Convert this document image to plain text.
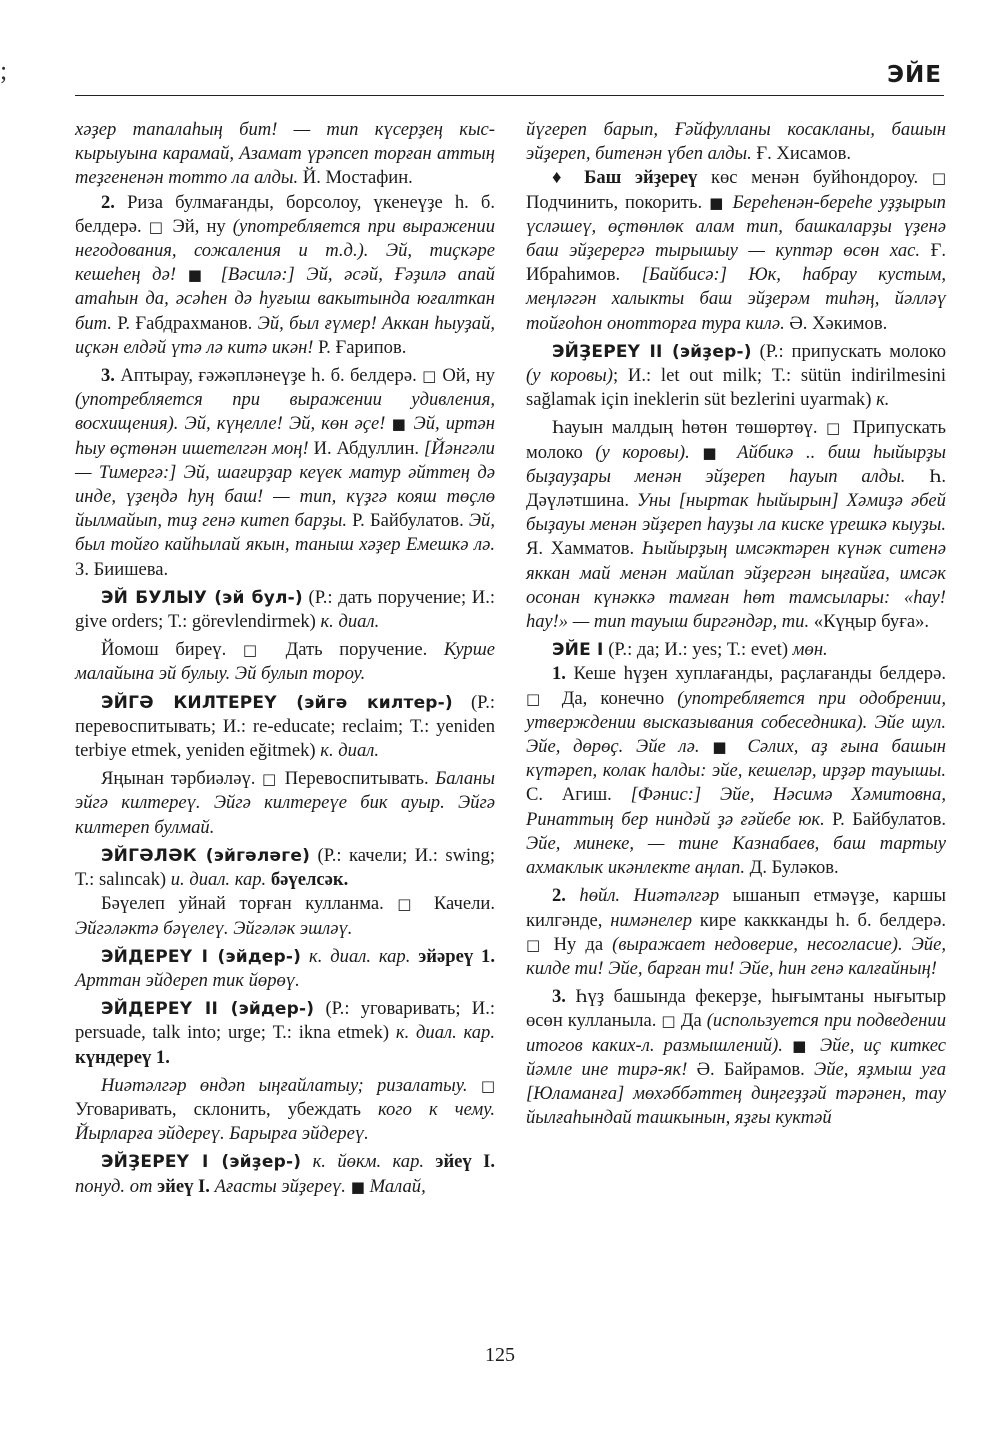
;	ЭЙЕ

хәҙер тапалаһың бит! — тип күсерҙең кыс-кырыуына карамай, Азамат үрәпсеп торған аттың теҙгененән тотто ла алды. Й. Мостафин.

2. Риза булмағанды, борсолоу, үкенеүҙе һ. б. белдерә. □ Эй, ну (употребляется при выражении негодования, сожаления и т.д.). Эй, тиҫкәре кешеһең дә! ■ [Вәсилә:] Эй, әсәй, Ғәҙилә апай атаһын да, әсәһен дә һуғыш вакытында юғалткан бит. Р. Ғабдрахманов. Эй, был ғүмер! Аккан һыуҙай, иҫкән елдәй үтә лә китә икән! Р. Ғарипов.

3. Аптырау, ғәжәпләнеүҙе һ. б. белдерә. □ Ой, ну (употребляется при выражении удивления, восхищения). Эй, күңелле! Эй, көн әҫе! ■ Эй, иртән һыу өҫтөнән ишетелгән моң! И. Абдуллин. [Йәнгәли — Тимергә:] Эй, шағирҙар кеүек матур әйттең дә инде, үҙеңдә һуң баш! — тип, күҙгә кояш төҫлө йылмайып, тиҙ генә китеп барҙы. Р. Байбулатов. Эй, был тойғо кайһылай якын, таныш хәҙер Емешкә лә. З. Биишева.

ЭЙ БУЛЫУ (эй бул-) (Р.: дать поручение; И.: give orders; Т.: görevlendirmek) к. диал.

Йомош биреү. □ Дать поручение. Курше малайына эй булыу. Эй булып тороу.

ЭЙГӘ КИЛТЕРЕҮ (эйгә килтер-) (Р.: перевоспитывать; И.: re-educate; reclaim; Т.: yeniden terbiye etmek, yeniden eğitmek) к. диал.

Яңынан тәрбиәләү. □ Перевоспитывать. Баланы эйгә килтереү. Эйгә килтереүе бик ауыр. Эйгә килтереп булмай.

ЭЙГӘЛӘК (эйгәләге) (Р.: качели; И.: swing; Т.: salıncak) и. диал. кар. бәүелсәк.

Бәүелеп уйнай торған кулланма. □ Качели. Эйгәләктә бәүелеү. Эйгәләк эшләү.

ЭЙДЕРЕҮ I (эйдер-) к. диал. кар. эйәреү 1. Арттан эйдереп тик йөрөү.

ЭЙДЕРЕҮ II (эйдер-) (Р.: уговаривать; И.: persuade, talk into; urge; Т.: ikna etmek) к. диал. кар. күндереү 1.

Ниәтәлгәр өндәп ыңғайлатыу; ризалатыу. □ Уговаривать, склонить, убеждать кого к чему. Йырларға эйдереү. Барырға эйдереү.

ЭЙҘЕРЕҮ I (эйҙер-) к. йөкм. кар. эйеү I. понуд. от эйеү I. Ағасты эйҙереү. ■ Малай,

йүгереп барып, Ғәйфулланы косакланы, башын эйҙереп, битенән үбеп алды. Ғ. Хисамов.

♦ Баш эйҙереү көс менән буйһондороу. □ Подчинить, покорить. ■ Береһенән-береһе уҙҙырып үсләшеү, өҫтөнлөк алам тип, башкаларҙы үҙенә баш эйҙерергә тырышыу — куптәр өсөн хас. Ғ. Ибраһимов. [Байбисә:] Юк, һабрау кустым, меңләгән халыкты баш эйҙерәм тиһәң, йәлләү тойғоһон онотторға тура килә. Ә. Хәкимов.

ЭЙҘЕРЕҮ II (эйҙер-) (Р.: припускать молоко (у коровы); И.: let out milk; Т.: sütün indirilmesini sağlamak için ineklerin süt bezlerini uyarmak) к.

Һауын малдың һөтөн төшөртөү. □ Припускать молоко (у коровы). ■ Айбикә .. биш һыйырҙы быҙауҙары менән эйҙереп һауып алды. Һ. Дәүләтшина. Уны [ныртак һыйырын] Хәмиҙә әбей быҙауы менән эйҙереп һауҙы ла киске үрешкә кыуҙы. Я. Хамматов. Һыйырҙың имсәктәрен күнәк ситенә яккан май менән майлап эйҙергән ыңғайға, имсәк осонан күнәккә тамған һөт тамсылары: «һау! һау!» — тип тауыш биргәндәр, ти. «Күңыр буға».

ЭЙЕ I (Р.: да; И.: yes; Т.: evet) мөн.

1. Кеше һүҙен хуплағанды, раҫлағанды белдерә. □ Да, конечно (употребляется при одобрении, утверждении высказывания собеседника). Эйе шул. Эйе, дөрөҫ. Эйе лә. ■ Сәлих, аҙ ғына башын күтәреп, колак һалды: эйе, кешеләр, ирҙәр тауышы. С. Агиш. [Фәнис:] Эйе, Нәсимә Хәмитовна, Ринаттың бер ниндәй ҙә ғәйебе юк. Р. Байбулатов. Эйе, минеке, — тине Казнабаев, баш тартыу ахмаклык икәнлекте аңлап. Д. Буләков.

2. һөйл. Ниәтәлгәр ышанып етмәүҙе, каршы килгәнде, нимәнелер кире каккканды һ. б. белдерә. □ Ну да (выражает недоверие, несогласие). Эйе, килде ти! Эйе, барған ти! Эйе, һин генә калғайның!

3. Һүҙ башында фекерҙе, һығымтаны нығытыр өсөн кулланыла. □ Да (используется при подведении итогов каких-л. размышлений). ■ Эйе, иҫ киткес йәмле ине тирә-як! Ә. Байрамов. Эйе, яҙмыш уға [Юламанға] мөхәббәттең диңгеҙҙәй тәрәнен, тау йылғаһындай ташкынын, яҙғы куктәй

125
